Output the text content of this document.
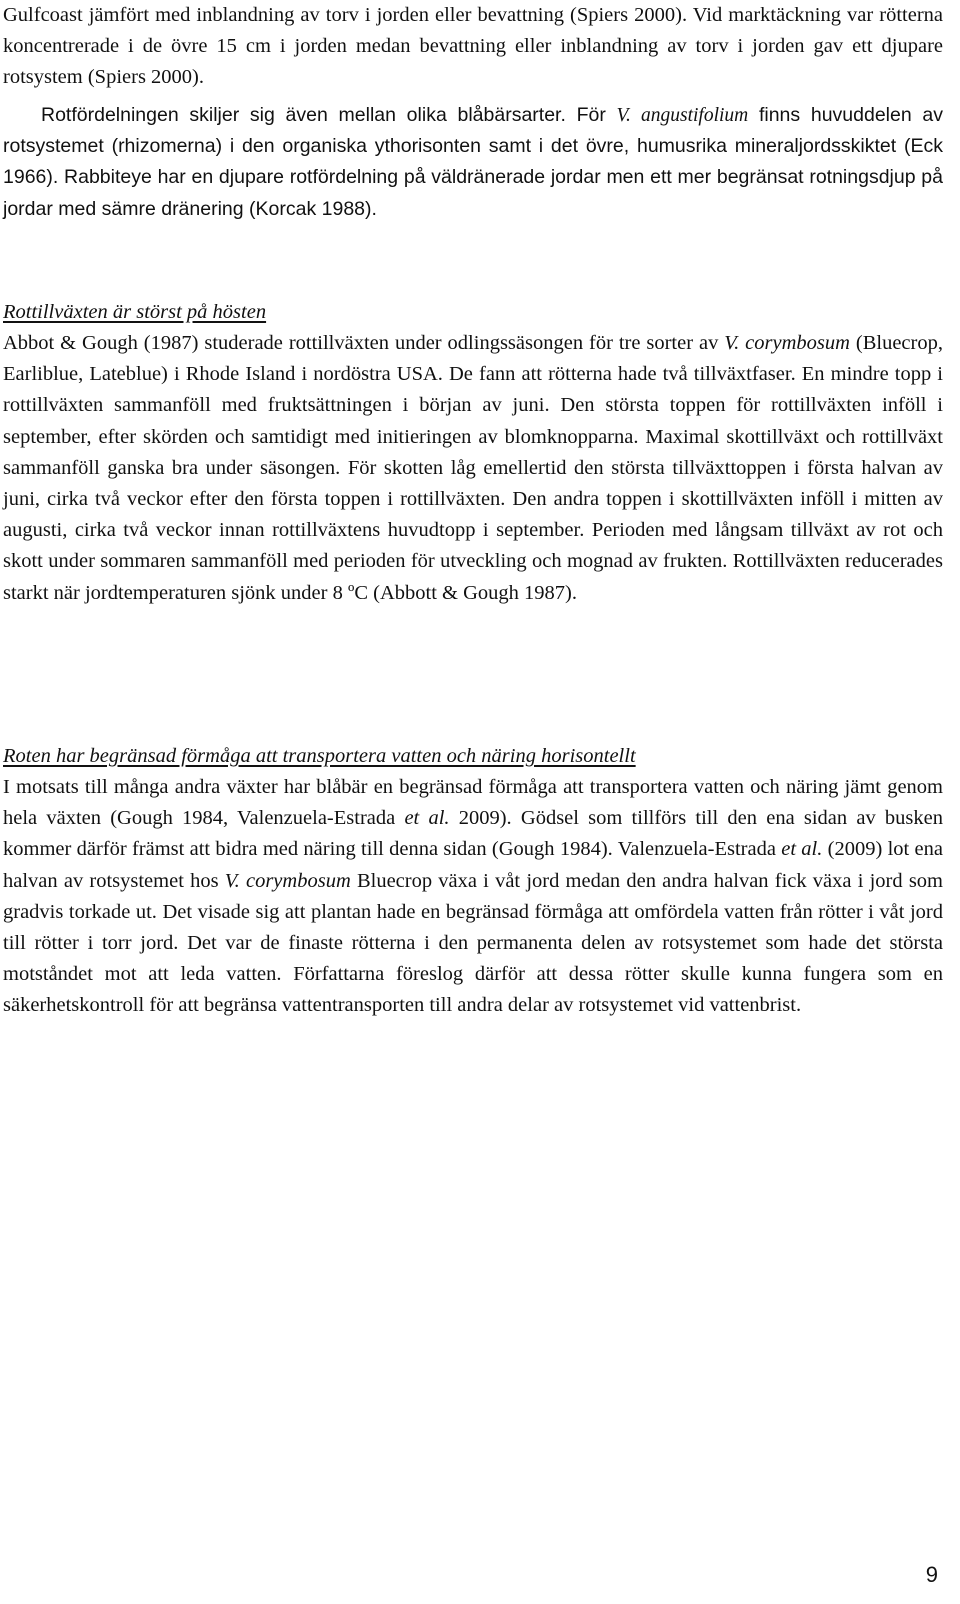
Gulfcoast jämfört med inblandning av torv i jorden eller bevattning (Spiers 2000). Vid marktäckning var rötterna koncentrerade i de övre 15 cm i jorden medan bevattning eller inblandning av torv i jorden gav ett djupare rotsystem (Spiers 2000).

Rotfördelningen skiljer sig även mellan olika blåbärsarter. För V. angustifolium finns huvuddelen av rotsystemet (rhizomerna) i den organiska ythorisonten samt i det övre, humusrika mineraljordsskiktet (Eck 1966). Rabbiteye har en djupare rotfördelning på väldränerade jordar men ett mer begränsat rotningsdjup på jordar med sämre dränering (Korcak 1988).

Rottillväxten är störst på hösten

Abbot & Gough (1987) studerade rottillväxten under odlingssäsongen för tre sorter av V. corymbosum (Bluecrop, Earliblue, Lateblue) i Rhode Island i nordöstra USA. De fann att rötterna hade två tillväxtfaser. En mindre topp i rottillväxten sammanföll med fruktsättningen i början av juni. Den största toppen för rottillväxten inföll i september, efter skörden och samtidigt med initieringen av blomknopparna. Maximal skottillväxt och rottillväxt sammanföll ganska bra under säsongen. För skotten låg emellertid den största tillväxttoppen i första halvan av juni, cirka två veckor efter den första toppen i rottillväxten. Den andra toppen i skottillväxten inföll i mitten av augusti, cirka två veckor innan rottillväxtens huvudtopp i september. Perioden med långsam tillväxt av rot och skott under sommaren sammanföll med perioden för utveckling och mognad av frukten. Rottillväxten reducerades starkt när jordtemperaturen sjönk under 8 ºC (Abbott & Gough 1987).

Roten har begränsad förmåga att transportera vatten och näring horisontellt

I motsats till många andra växter har blåbär en begränsad förmåga att transportera vatten och näring jämt genom hela växten (Gough 1984, Valenzuela-Estrada et al. 2009). Gödsel som tillförs till den ena sidan av busken kommer därför främst att bidra med näring till denna sidan (Gough 1984). Valenzuela-Estrada et al. (2009) lot ena halvan av rotsystemet hos V. corymbosum Bluecrop växa i våt jord medan den andra halvan fick växa i jord som gradvis torkade ut. Det visade sig att plantan hade en begränsad förmåga att omfördela vatten från rötter i våt jord till rötter i torr jord. Det var de finaste rötterna i den permanenta delen av rotsystemet som hade det största motståndet mot att leda vatten. Författarna föreslog därför att dessa rötter skulle kunna fungera som en säkerhetskontroll för att begränsa vattentransporten till andra delar av rotsystemet vid vattenbrist.

9
